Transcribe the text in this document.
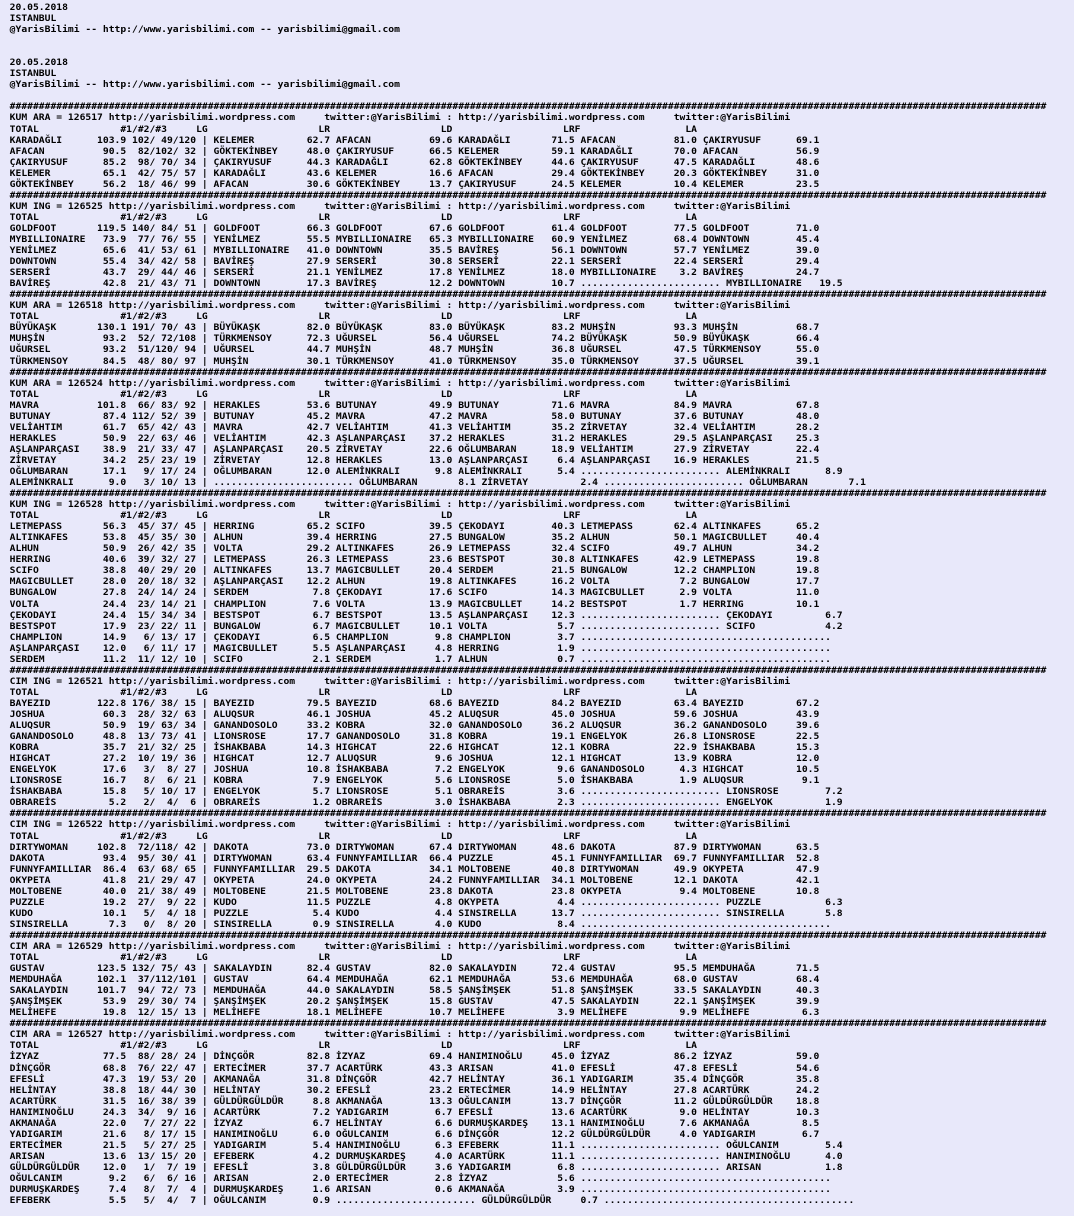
20.05.2018
ISTANBUL
@YarisBilimi -- http://www.yarisbilimi.com -- yarisbilimi@gmail.com

20.05.2018
ISTANBUL
@YarisBilimi -- http://www.yarisbilimi.com -- yarisbilimi@gmail.com

##################################################################################################################################################################################
KUM ARA = 126517 http://yarisbilimi.wordpress.com     twitter:@YarisBilimi : http://yarisbilimi.wordpress.com     twitter:@YarisBilimi
TOTAL              #1/#2/#3     LG                   LR                   LD                   LRF                  LA
KARADAĞLI      103.9 102/ 49/120 | KELEMER         62.7 AFACAN          69.6 KARADAĞLI       71.5 AFACAN          81.0 ÇAKIRYUSUF      69.1
AFACAN          90.5  82/102/ 32 | GÖKTEKİNBEY     48.0 ÇAKIRYUSUF      66.5 KELEMER         59.1 KARADAĞLI       70.0 AFACAN          56.9
ÇAKIRYUSUF      85.2  98/ 70/ 34 | ÇAKIRYUSUF      44.3 KARADAĞLI       62.8 GÖKTEKİNBEY     44.6 ÇAKIRYUSUF      47.5 KARADAĞLI       48.6
KELEMER         65.1  42/ 75/ 57 | KARADAĞLI       43.6 KELEMER         16.6 AFACAN          29.4 GÖKTEKİNBEY     20.3 GÖKTEKİNBEY     31.0
GÖKTEKİNBEY     56.2  18/ 46/ 99 | AFACAN          30.6 GÖKTEKİNBEY     13.7 ÇAKIRYUSUF      24.5 KELEMER         10.4 KELEMER         23.5
##################################################################################################################################################################################
KUM ING = 126525 http://yarisbilimi.wordpress.com     twitter:@YarisBilimi : http://yarisbilimi.wordpress.com     twitter:@YarisBilimi
TOTAL              #1/#2/#3     LG                   LR                   LD                   LRF                  LA
GOLDFOOT       119.5 140/ 84/ 51 | GOLDFOOT        66.3 GOLDFOOT        67.6 GOLDFOOT        61.4 GOLDFOOT        77.5 GOLDFOOT        71.0
MYBILLIONAIRE   73.9  77/ 76/ 55 | YENİLMEZ        55.5 MYBILLIONAIRE   65.3 MYBILLIONAIRE   60.9 YENİLMEZ        68.4 DOWNTOWN        45.4
YENİLMEZ        65.6  41/ 53/ 61 | MYBILLIONAIRE   41.0 DOWNTOWN        35.5 BAVİREŞ         56.1 DOWNTOWN        57.7 YENİLMEZ        39.0
DOWNTOWN        55.4  34/ 42/ 58 | BAVİREŞ         27.9 SERSERİ         30.8 SERSERİ         22.1 SERSERİ         22.4 SERSERİ         29.4
SERSERİ         43.7  29/ 44/ 46 | SERSERİ         21.1 YENİLMEZ        17.8 YENİLMEZ        18.0 MYBILLIONAIRE    3.2 BAVİREŞ         24.7
BAVİREŞ         42.8  21/ 43/ 71 | DOWNTOWN        17.3 BAVİREŞ         12.2 DOWNTOWN        10.7 ........................ MYBILLIONAIRE   19.5
##################################################################################################################################################################################
KUM ARA = 126518 http://yarisbilimi.wordpress.com     twitter:@YarisBilimi : http://yarisbilimi.wordpress.com     twitter:@YarisBilimi
TOTAL              #1/#2/#3     LG                   LR                   LD                   LRF                  LA
BÜYÜKAŞK       130.1 191/ 70/ 43 | BÜYÜKAŞK        82.0 BÜYÜKAŞK        83.0 BÜYÜKAŞK        83.2 MUHŞİN          93.3 MUHŞİN          68.7
MUHŞİN          93.2  52/ 72/108 | TÜRKMENSOY      72.3 UĞURSEL         56.4 UĞURSEL         74.2 BÜYÜKAŞK        50.9 BÜYÜKAŞK        66.4
UĞURSEL         93.2  51/120/ 94 | UĞURSEL         44.7 MUHŞİN          48.7 MUHŞİN          36.8 UĞURSEL         47.5 TÜRKMENSOY      55.0
TÜRKMENSOY      84.5  48/ 80/ 97 | MUHŞİN          30.1 TÜRKMENSOY      41.0 TÜRKMENSOY      35.0 TÜRKMENSOY      37.5 UĞURSEL         39.1
##################################################################################################################################################################################
KUM ARA = 126524 http://yarisbilimi.wordpress.com     twitter:@YarisBilimi : http://yarisbilimi.wordpress.com     twitter:@YarisBilimi
TOTAL              #1/#2/#3     LG                   LR                   LD                   LRF                  LA
MAVRA          101.8  66/ 83/ 92 | HERAKLES        53.6 BUTUNAY         49.9 BUTUNAY         71.6 MAVRA           84.9 MAVRA           67.8
BUTUNAY         87.4 112/ 52/ 39 | BUTUNAY         45.2 MAVRA           47.2 MAVRA           58.0 BUTUNAY         37.6 BUTUNAY         48.0
VELİAHTIM       61.7  65/ 42/ 43 | MAVRA           42.7 VELİAHTIM       41.3 VELİAHTIM       35.2 ZİRVETAY        32.4 VELİAHTIM       28.2
HERAKLES        50.9  22/ 63/ 46 | VELİAHTIM       42.3 AŞLANPARÇASI    37.2 HERAKLES        31.2 HERAKLES        29.5 AŞLANPARÇASI    25.3
AŞLANPARÇASI    38.9  21/ 33/ 47 | AŞLANPARÇASI    20.5 ZİRVETAY        22.6 OĞLUMBARAN      18.9 VELİAHTIM       27.9 ZİRVETAY        22.4
ZİRVETAY        34.2  25/ 23/ 19 | ZİRVETAY        12.8 HERAKLES        13.0 AŞLANPARÇASI     6.4 AŞLANPARÇASI    16.9 HERAKLES        21.5
OĞLUMBARAN      17.1   9/ 17/ 24 | OĞLUMBARAN      12.0 ALEMİNKRALI      9.8 ALEMİNKRALI      5.4 ........................ ALEMİNKRALI      8.9
ALEMİNKRALI      9.0   3/ 10/ 13 | ........................ OĞLUMBARAN       8.1 ZİRVETAY         2.4 ........................ OĞLUMBARAN       7.1
##################################################################################################################################################################################
KUM ING = 126528 http://yarisbilimi.wordpress.com     twitter:@YarisBilimi : http://yarisbilimi.wordpress.com     twitter:@YarisBilimi
TOTAL              #1/#2/#3     LG                   LR                   LD                   LRF                  LA
LETMEPASS       56.3  45/ 37/ 45 | HERRING         65.2 SCIFO           39.5 ÇEKODAYI        40.3 LETMEPASS       62.4 ALTINKAFES      65.2
ALTINKAFES      53.8  45/ 35/ 30 | ALHUN           39.4 HERRING         27.5 BUNGALOW        35.2 ALHUN           50.1 MAGICBULLET     40.4
ALHUN           50.9  26/ 42/ 35 | VOLTA           29.2 ALTINKAFES      26.9 LETMEPASS       32.4 SCIFO           49.7 ALHUN           34.2
HERRING         40.6  39/ 32/ 27 | LETMEPASS       26.3 LETMEPASS       23.6 BESTSPOT        30.8 ALTINKAFES      42.9 LETMEPASS       19.8
SCIFO           38.8  40/ 29/ 20 | ALTINKAFES      13.7 MAGICBULLET     20.4 SERDEM          21.5 BUNGALOW        12.2 CHAMPLION       19.8
MAGICBULLET     28.0  20/ 18/ 32 | AŞLANPARÇASI    12.2 ALHUN           19.8 ALTINKAFES      16.2 VOLTA            7.2 BUNGALOW        17.7
BUNGALOW        27.8  24/ 14/ 24 | SERDEM           7.8 ÇEKODAYI        17.6 SCIFO           14.3 MAGICBULLET      2.9 VOLTA           11.0
VOLTA           24.4  23/ 14/ 21 | CHAMPLION        7.6 VOLTA           13.9 MAGICBULLET     14.2 BESTSPOT         1.7 HERRING         10.1
ÇEKODAYI        24.4  15/ 34/ 34 | BESTSPOT         6.7 BESTSPOT        13.5 AŞLANPARÇASI    12.3 ........................ ÇEKODAYI         6.7
BESTSPOT        17.9  23/ 22/ 11 | BUNGALOW         6.7 MAGICBULLET     10.1 VOLTA            5.7 ........................ SCIFO            4.2
CHAMPLION       14.9   6/ 13/ 17 | ÇEKODAYI         6.5 CHAMPLION        9.8 CHAMPLION        3.7 ...........................................
AŞLANPARÇASI    12.0   6/ 11/ 17 | MAGICBULLET      5.5 AŞLANPARÇASI     4.8 HERRING          1.9 ...........................................
SERDEM          11.2  11/ 12/ 10 | SCIFO            2.1 SERDEM           1.7 ALHUN            0.7 ...........................................
##################################################################################################################################################################################
CIM ING = 126521 http://yarisbilimi.wordpress.com     twitter:@YarisBilimi : http://yarisbilimi.wordpress.com     twitter:@YarisBilimi
TOTAL              #1/#2/#3     LG                   LR                   LD                   LRF                  LA
BAYEZID        122.8 176/ 38/ 15 | BAYEZID         79.5 BAYEZID         68.6 BAYEZID         84.2 BAYEZID         63.4 BAYEZID         67.2
JOSHUA          60.3  28/ 32/ 63 | ALUQSUR         46.1 JOSHUA          45.2 ALUQSUR         45.0 JOSHUA          59.6 JOSHUA          43.9
ALUQSUR         50.9  19/ 63/ 34 | GANANDOSOLO     33.2 KOBRA           32.0 GANANDOSOLO     36.2 ALUQSUR         36.2 GANANDOSOLO     39.6
GANANDOSOLO     48.8  13/ 73/ 41 | LIONSROSE       17.7 GANANDOSOLO     31.8 KOBRA           19.1 ENGELYOK        26.8 LIONSROSE       22.5
KOBRA           35.7  21/ 32/ 25 | İSHAKBABA       14.3 HIGHCAT         22.6 HIGHCAT         12.1 KOBRA           22.9 İSHAKBABA       15.3
HIGHCAT         27.2  10/ 19/ 36 | HIGHCAT         12.7 ALUQSUR          9.6 JOSHUA          12.1 HIGHCAT         13.9 KOBRA           12.0
ENGELYOK        17.6   3/  8/ 27 | JOSHUA          10.8 İSHAKBABA        7.2 ENGELYOK         9.6 GANANDOSOLO      4.3 HIGHCAT         10.5
LIONSROSE       16.7   8/  6/ 21 | KOBRA            7.9 ENGELYOK         5.6 LIONSROSE        5.0 İSHAKBABA        1.9 ALUQSUR          9.1
İSHAKBABA       15.8   5/ 10/ 17 | ENGELYOK         5.7 LIONSROSE        5.1 OBRAREİS         3.6 ........................ LIONSROSE        7.2
OBRAREİS         5.2   2/  4/  6 | OBRAREİS         1.2 OBRAREİS         3.0 İSHAKBABA        2.3 ........................ ENGELYOK         1.9
##################################################################################################################################################################################
CIM ING = 126522 http://yarisbilimi.wordpress.com     twitter:@YarisBilimi : http://yarisbilimi.wordpress.com     twitter:@YarisBilimi
TOTAL              #1/#2/#3     LG                   LR                   LD                   LRF                  LA
DIRTYWOMAN     102.8  72/118/ 42 | DAKOTA          73.0 DIRTYWOMAN      67.4 DIRTYWOMAN      48.6 DAKOTA          87.9 DIRTYWOMAN      63.5
DAKOTA          93.4  95/ 30/ 41 | DIRTYWOMAN      63.4 FUNNYFAMILLIAR  66.4 PUZZLE          45.1 FUNNYFAMILLIAR  69.7 FUNNYFAMILLIAR  52.8
FUNNYFAMILLIAR  86.4  63/ 68/ 65 | FUNNYFAMILLIAR  29.5 DAKOTA          34.1 MOLTOBENE       40.8 DIRTYWOMAN      49.9 OKYPETA         47.9
OKYPETA         41.8  21/ 29/ 47 | OKYPETA         24.0 OKYPETA         24.2 FUNNYFAMILLIAR  34.1 MOLTOBENE       12.1 DAKOTA          42.1
MOLTOBENE       40.0  21/ 38/ 49 | MOLTOBENE       21.5 MOLTOBENE       23.8 DAKOTA          23.8 OKYPETA          9.4 MOLTOBENE       10.8
PUZZLE          19.2  27/  9/ 22 | KUDO            11.5 PUZZLE           4.8 OKYPETA          4.4 ........................ PUZZLE           6.3
KUDO            10.1   5/  4/ 18 | PUZZLE           5.4 KUDO             4.4 SINSIRELLA      13.7 ........................ SINSIRELLA       5.8
SINSIRELLA       7.3   0/  8/ 20 | SINSIRELLA       0.9 SINSIRELLA       4.0 KUDO             8.4 ...........................................
##################################################################################################################################################################################
CIM ARA = 126529 http://yarisbilimi.wordpress.com     twitter:@YarisBilimi : http://yarisbilimi.wordpress.com     twitter:@YarisBilimi
TOTAL              #1/#2/#3     LG                   LR                   LD                   LRF                  LA
GUSTAV         123.5 132/ 75/ 43 | SAKALAYDIN      82.4 GUSTAV          82.0 SAKALAYDIN      72.4 GUSTAV          95.5 MEMDUHAĞA       71.5
MEMDUHAĞA      102.1  37/112/101 | GUSTAV          64.4 MEMDUHAĞA       62.1 MEMDUHAĞA       53.6 MEMDUHAĞA       68.0 GUSTAV          68.4
SAKALAYDIN     101.7  94/ 72/ 73 | MEMDUHAĞA       44.0 SAKALAYDIN      58.5 ŞANŞİMŞEK       51.8 ŞANŞİMŞEK       33.5 SAKALAYDIN      40.3
ŞANŞİMŞEK       53.9  29/ 30/ 74 | ŞANŞİMŞEK       20.2 ŞANŞİMŞEK       15.8 GUSTAV          47.5 SAKALAYDIN      22.1 ŞANŞİMŞEK       39.9
MELİHEFE        19.8  12/ 15/ 13 | MELİHEFE        18.1 MELİHEFE        10.7 MELİHEFE         3.9 MELİHEFE         9.9 MELİHEFE         6.3
##################################################################################################################################################################################
CIM ARA = 126527 http://yarisbilimi.wordpress.com     twitter:@YarisBilimi : http://yarisbilimi.wordpress.com     twitter:@YarisBilimi
TOTAL              #1/#2/#3     LG                   LR                   LD                   LRF                  LA
İZYAZ           77.5  88/ 28/ 24 | DİNÇGÖR         82.8 İZYAZ           69.4 HANIMINOĞLU     45.0 İZYAZ           86.2 İZYAZ           59.0
DİNÇGÖR         68.8  76/ 22/ 47 | ERTECİMER       37.7 ACARTÜRK        43.3 ARISAN          41.0 EFESLİ          47.8 EFESLİ          54.6
EFESLİ          47.3  19/ 53/ 20 | AKMANAĞA        31.8 DİNÇGÖR         42.7 HELİNTAY        36.1 YADIGARIM       35.4 DİNÇGÖR         35.8
HELİNTAY        38.8  18/ 44/ 30 | HELİNTAY        30.2 EFESLİ          23.2 ERTECİMER       14.9 HELİNTAY        27.8 ACARTÜRK        24.2
ACARTÜRK        31.5  16/ 38/ 39 | GÜLDÜRGÜLDÜR     8.8 AKMANAĞA        13.3 OĞULCANIM       13.7 DİNÇGÖR         11.2 GÜLDÜRGÜLDÜR    18.8
HANIMINOĞLU     24.3  34/  9/ 16 | ACARTÜRK         7.2 YADIGARIM        6.7 EFESLİ          13.6 ACARTÜRK         9.0 HELİNTAY        10.3
AKMANAĞA        22.0   7/ 27/ 22 | İZYAZ            6.7 HELİNTAY         6.6 DURMUŞKARDEŞ    13.1 HANIMINOĞLU      7.6 AKMANAĞA         8.5
YADIGARIM       21.6   8/ 17/ 15 | HANIMINOĞLU      6.0 OĞULCANIM        6.6 DİNÇGÖR         12.2 GÜLDÜRGÜLDÜR     4.0 YADIGARIM        6.7
ERTECİMER       21.5   5/ 27/ 25 | YADIGARIM        5.4 HANIMINOĞLU      6.3 EFEBERK         11.1 ........................ OĞULCANIM        5.4
ARISAN          13.6  13/ 15/ 20 | EFEBERK          4.2 DURMUŞKARDEŞ     4.0 ACARTÜRK        11.1 ........................ HANIMINOĞLU      4.0
GÜLDÜRGÜLDÜR    12.0   1/  7/ 19 | EFESLİ           3.8 GÜLDÜRGÜLDÜR     3.6 YADIGARIM        6.8 ........................ ARISAN           1.8
OĞULCANIM        9.2   6/  6/ 16 | ARISAN           2.0 ERTECİMER        2.8 İZYAZ            5.6 ...........................................
DURMUŞKARDEŞ     7.4   8/  7/  4 | DURMUŞKARDEŞ     1.6 ARISAN           0.6 AKMANAĞA         3.9 ...........................................
EFEBERK          5.5   5/  4/  7 | OĞULCANIM        0.9 ........................ GÜLDÜRGÜLDÜR     0.7 ...........................................
